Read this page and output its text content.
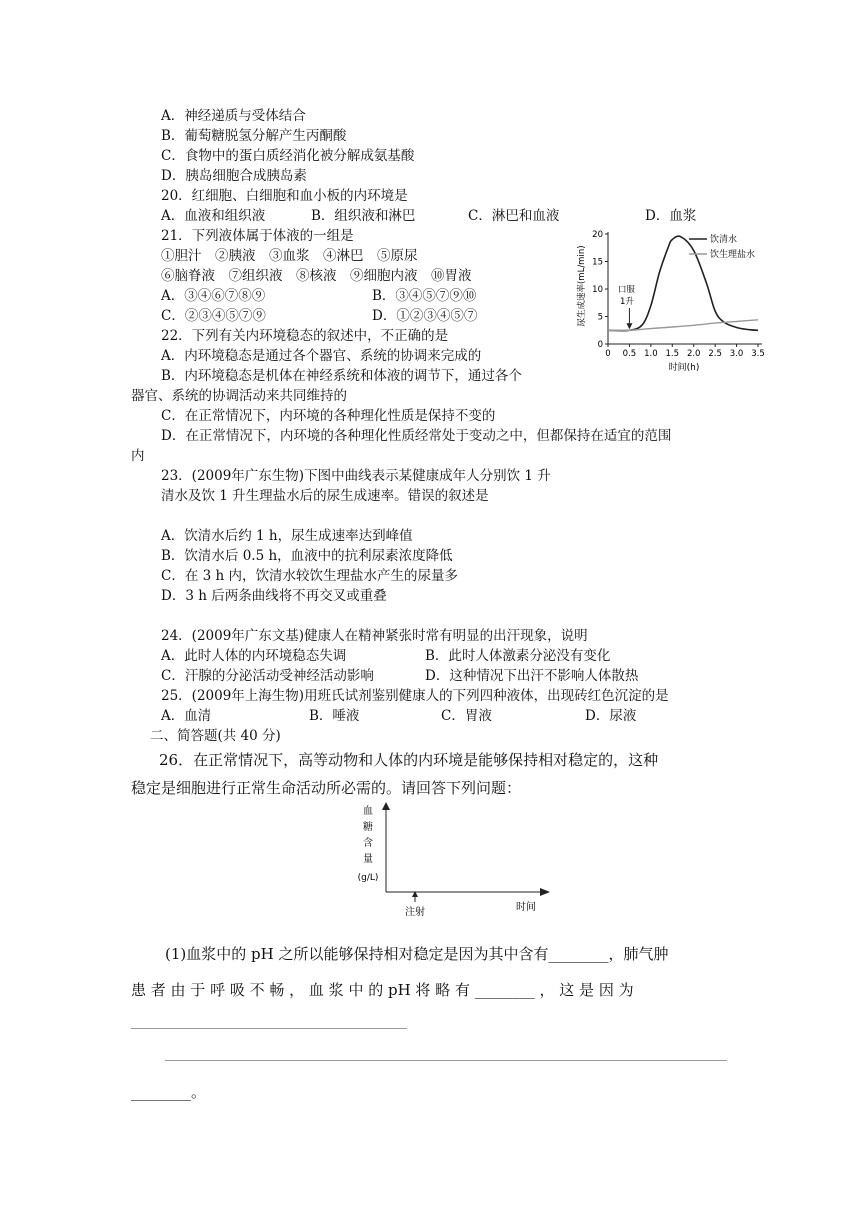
A．神经递质与受体结合
B．葡萄糖脱氢分解产生丙酮酸
C．食物中的蛋白质经消化被分解成氨基酸
D．胰岛细胞合成胰岛素
20．红细胞、白细胞和血小板的内环境是
A．血液和组织液	B．组织液和淋巴	C．淋巴和血液	D．血浆
21．下列液体属于体液的一组是
①胆汁　②胰液　③血浆　④淋巴　⑤原尿
⑥脑脊液　⑦组织液　⑧核液　⑨细胞内液　⑩胃液
A．③④⑥⑦⑧⑨	B．③④⑤⑦⑨⑩
C．②③④⑤⑦⑨	D．①②③④⑤⑦
22．下列有关内环境稳态的叙述中，不正确的是
A．内环境稳态是通过各个器官、系统的协调来完成的
B．内环境稳态是机体在神经系统和体液的调节下，通过各个
器官、系统的协调活动来共同维持的
C．在正常情况下，内环境的各种理化性质是保持不变的
D．在正常情况下，内环境的各种理化性质经常处于变动之中，但都保持在适宜的范围
内
23．(2009年广东生物)下图中曲线表示某健康成年人分别饮 1 升
清水及饮 1 升生理盐水后的尿生成速率。错误的叙述是
A．饮清水后约 1 h，尿生成速率达到峰值
B．饮清水后 0.5 h，血液中的抗利尿素浓度降低
C．在 3 h 内，饮清水较饮生理盐水产生的尿量多
D．3 h 后两条曲线将不再交叉或重叠
24．(2009年广东文基)健康人在精神紧张时常有明显的出汗现象，说明
A．此时人体的内环境稳态失调	B．此时人体激素分泌没有变化
C．汗腺的分泌活动受神经活动影响	D．这种情况下出汗不影响人体散热
25．(2009年上海生物)用班氏试剂鉴别健康人的下列四种液体，出现砖红色沉淀的是
A．血清	B．唾液	C．胃液	D．尿液
二、简答题(共 40 分)
26．在正常情况下，高等动物和人体的内环境是能够保持相对稳定的，这种
稳定是细胞进行正常生命活动所必需的。请回答下列问题：
(1)血浆中的 pH 之所以能够保持相对稳定是因为其中含有________，肺气肿
患 者 由 于 呼 吸 不 畅 ， 血 浆 中 的 pH 将 略 有 ________ ， 这 是 因 为
________。
0
5
10
15
20
0 0.5 1.0 1.5 2.0 2.5 3.0 3.5
饮清水
饮生理盐水
口服
1升
尿生成速率(mL/min)
时间(h)
血
糖
含
量
(g/L)
注射	时间
